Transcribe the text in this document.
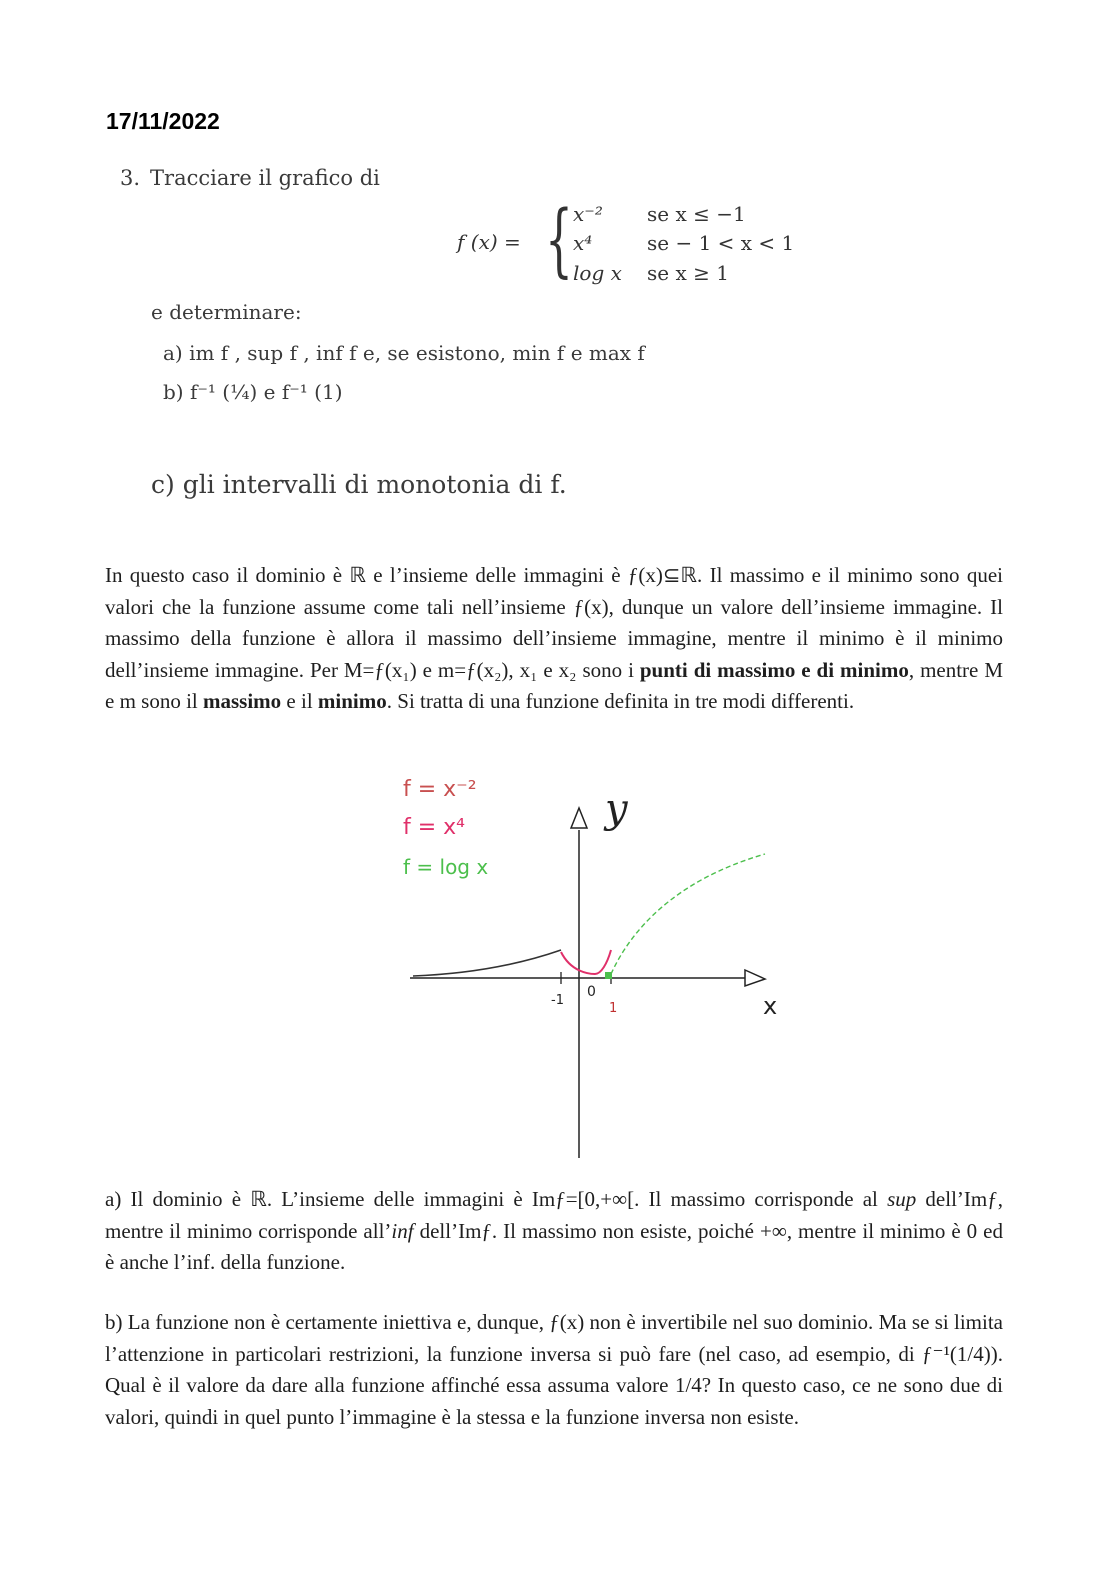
17/11/2022
3. Tracciare il grafico di
f (x) = { x⁻² se x ≤ −1
x⁴	se − 1 < x < 1
log x se x ≥ 1
e determinare:
a) im f , sup f , inf f e, se esistono, min f e max f
b) f⁻¹ (¼) e f⁻¹ (1)
c) gli intervalli di monotonia di f.
In questo caso il dominio è ℝ e l’insieme delle immagini è ƒ(x)⊆ℝ. Il massimo e il minimo sono quei valori che la funzione assume come tali nell’insieme ƒ(x), dunque un valore dell’insieme immagine. Il massimo della funzione è allora il massimo dell’insieme immagine, mentre il minimo è il minimo dell’insieme immagine. Per M=ƒ(x₁) e m=ƒ(x₂), x₁ e x₂ sono i punti di massimo e di minimo, mentre M e m sono il massimo e il minimo. Si tratta di una funzione definita in tre modi differenti.
f = x⁻²
f = x⁴
f = log x
y
x
-1
1
0
a) Il dominio è ℝ. L’insieme delle immagini è Imƒ=[0,+∞[. Il massimo corrisponde al sup dell’Imƒ, mentre il minimo corrisponde all’inf dell’Imƒ. Il massimo non esiste, poiché +∞, mentre il minimo è 0 ed è anche l’inf. della funzione.
b) La funzione non è certamente iniettiva e, dunque, ƒ(x) non è invertibile nel suo dominio. Ma se si limita l’attenzione in particolari restrizioni, la funzione inversa si può fare (nel caso, ad esempio, di ƒ⁻¹(1/4)). Qual è il valore da dare alla funzione affinché essa assuma valore 1/4? In questo caso, ce ne sono due di valori, quindi in quel punto l’immagine è la stessa e la funzione inversa non esiste.
